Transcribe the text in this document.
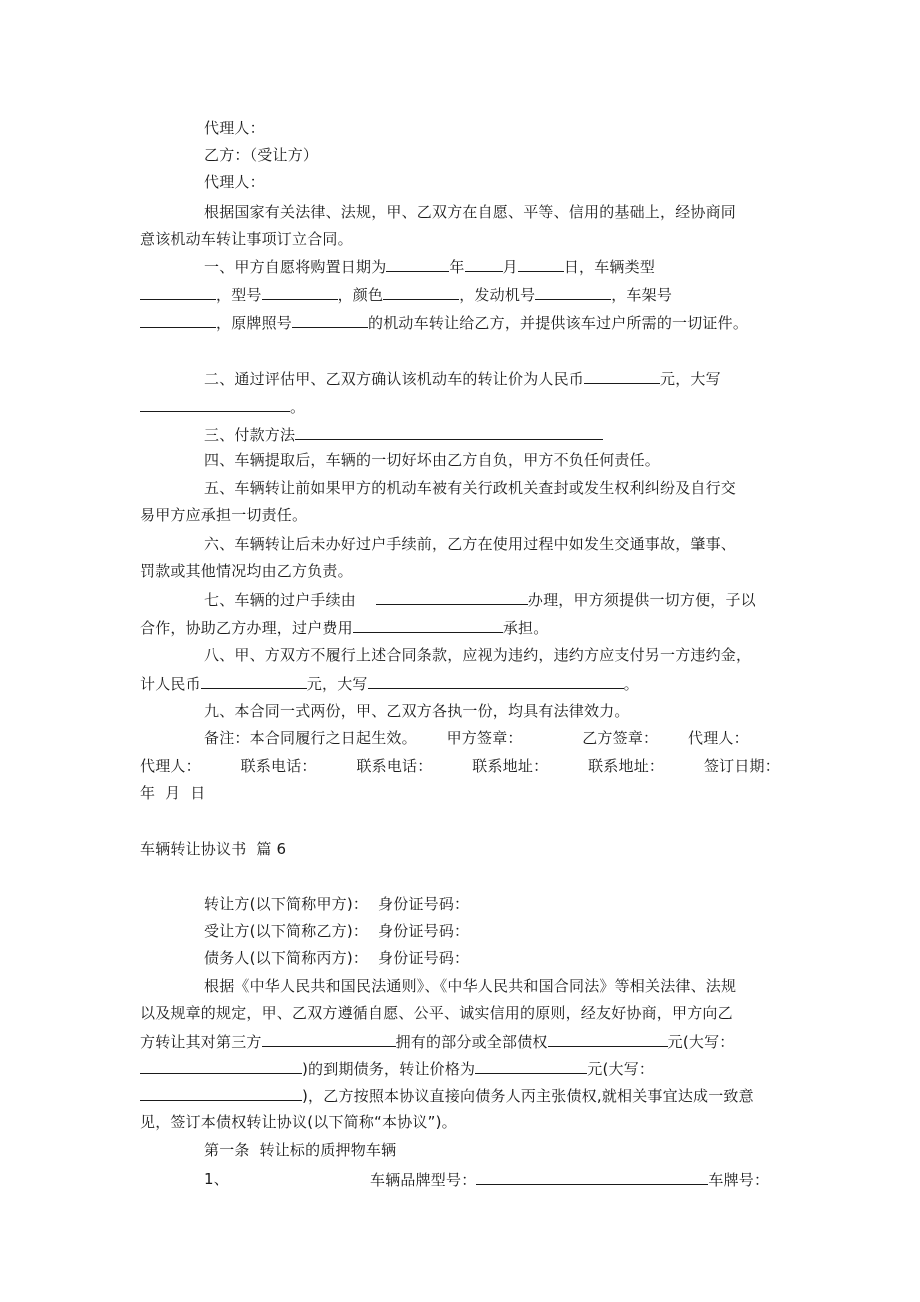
代理人：
乙方：（受让方）
代理人：
根据国家有关法律、法规，甲、乙双方在自愿、平等、信用的基础上，经协商同
意该机动车转让事项订立合同。
一、甲方自愿将购置日期为	年	月	日，车辆类型
，型号	，颜色	，发动机号	，车架号
，原牌照号	的机动车转让给乙方，并提供该车过户所需的一切证件。
二、通过评估甲、乙双方确认该机动车的转让价为人民币	元，大写
。
三、付款方法
四、车辆提取后，车辆的一切好坏由乙方自负，甲方不负任何责任。
五、车辆转让前如果甲方的机动车被有关行政机关查封或发生权利纠纷及自行交
易甲方应承担一切责任。
六、车辆转让后未办好过户手续前，乙方在使用过程中如发生交通事故，肇事、
罚款或其他情况均由乙方负责。
七、车辆的过户手续由	办理，甲方须提供一切方便，子以
合作，协助乙方办理，过户费用	承担。
八、甲、方双方不履行上述合同条款，应视为违约，违约方应支付另一方违约金，
计人民币	元，大写	。
九、本合同一式两份，甲、乙双方各执一份，均具有法律效力。
备注：本合同履行之日起生效。      甲方签章：            乙方签章：      代理人：
代理人：	联系电话：	联系电话：	联系地址：	联系地址：	签订日期：
年  月  日
车辆转让协议书  篇 6
转让方(以下简称甲方)：  身份证号码：
受让方(以下简称乙方)：  身份证号码：
债务人(以下简称丙方)：  身份证号码：
根据《中华人民共和国民法通则》、《中华人民共和国合同法》等相关法律、法规
以及规章的规定，甲、乙双方遵循自愿、公平、诚实信用的原则，经友好协商，甲方向乙
方转让其对第三方	拥有的部分或全部债权	元(大写：
)的到期债务，转让价格为	元(大写：
)，乙方按照本协议直接向债务人丙主张债权,就相关事宜达成一致意
见，签订本债权转让协议(以下简称“本协议”)。
第一条  转让标的质押物车辆
1、	车辆品牌型号：	车牌号：
